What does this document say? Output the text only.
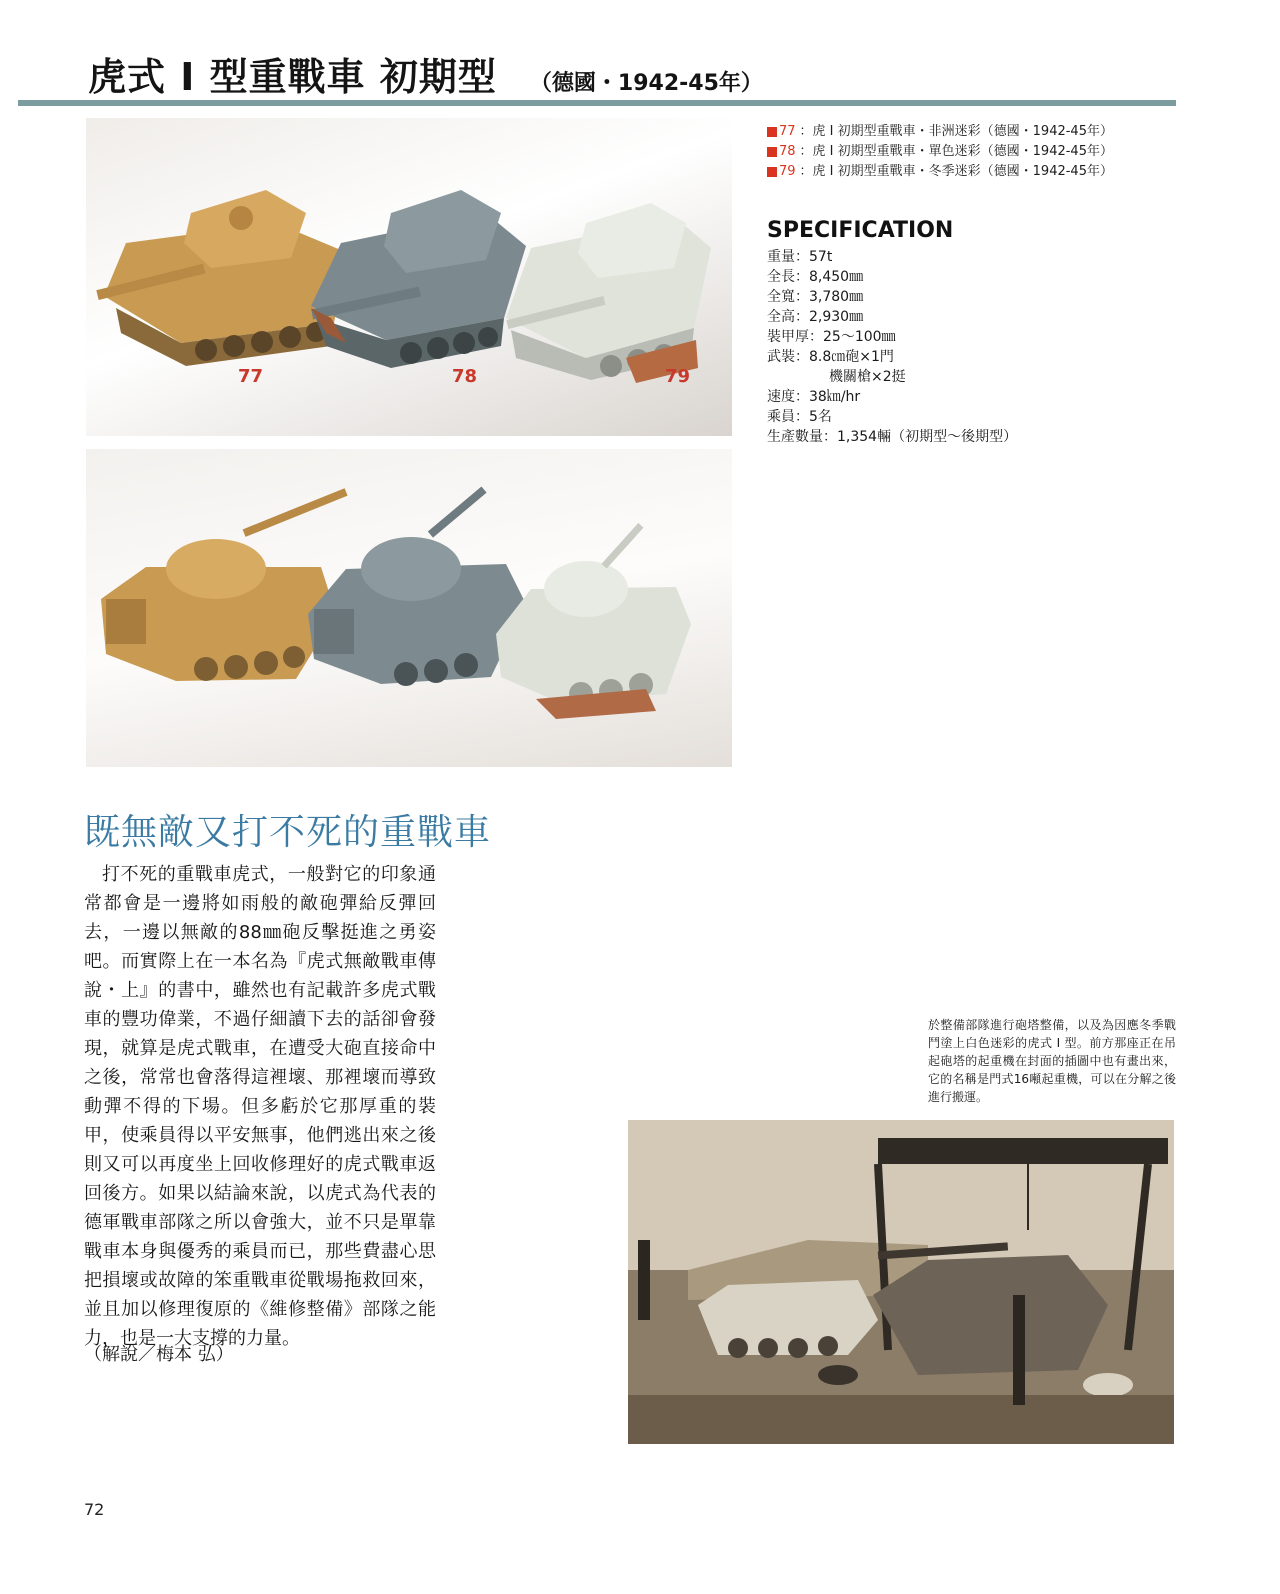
虎式 I 型重戰車 初期型 （德國・1942-45年）
77	78	79
77 ：虎 I 初期型重戰車・非洲迷彩（德國・1942-45年）
78 ：虎 I 初期型重戰車・單色迷彩（德國・1942-45年）
79 ：虎 I 初期型重戰車・冬季迷彩（德國・1942-45年）
SPECIFICATION
重量：57t
全長：8,450㎜
全寬：3,780㎜
全高：2,930㎜
裝甲厚：25〜100㎜
武裝：8.8㎝砲×1門
機關槍×2挺
速度：38㎞/hr
乘員：5名
生產數量：1,354輛（初期型〜後期型）
既無敵又打不死的重戰車
打不死的重戰車虎式，一般對它的印象通常都會是一邊將如雨般的敵砲彈給反彈回去，一邊以無敵的88㎜砲反擊挺進之勇姿吧。而實際上在一本名為『虎式無敵戰車傳說・上』的書中，雖然也有記載許多虎式戰車的豐功偉業，不過仔細讀下去的話卻會發現，就算是虎式戰車，在遭受大砲直接命中之後，常常也會落得這裡壞、那裡壞而導致動彈不得的下場。但多虧於它那厚重的裝甲，使乘員得以平安無事，他們逃出來之後則又可以再度坐上回收修理好的虎式戰車返回後方。如果以結論來說，以虎式為代表的德軍戰車部隊之所以會強大，並不只是單靠戰車本身與優秀的乘員而已，那些費盡心思把損壞或故障的笨重戰車從戰場拖救回來，並且加以修理復原的《維修整備》部隊之能力，也是一大支撐的力量。
（解說／梅本 弘）
於整備部隊進行砲塔整備，以及為因應冬季戰鬥塗上白色迷彩的虎式 I 型。前方那座正在吊起砲塔的起重機在封面的插圖中也有畫出來，它的名稱是門式16噸起重機，可以在分解之後進行搬運。
72
